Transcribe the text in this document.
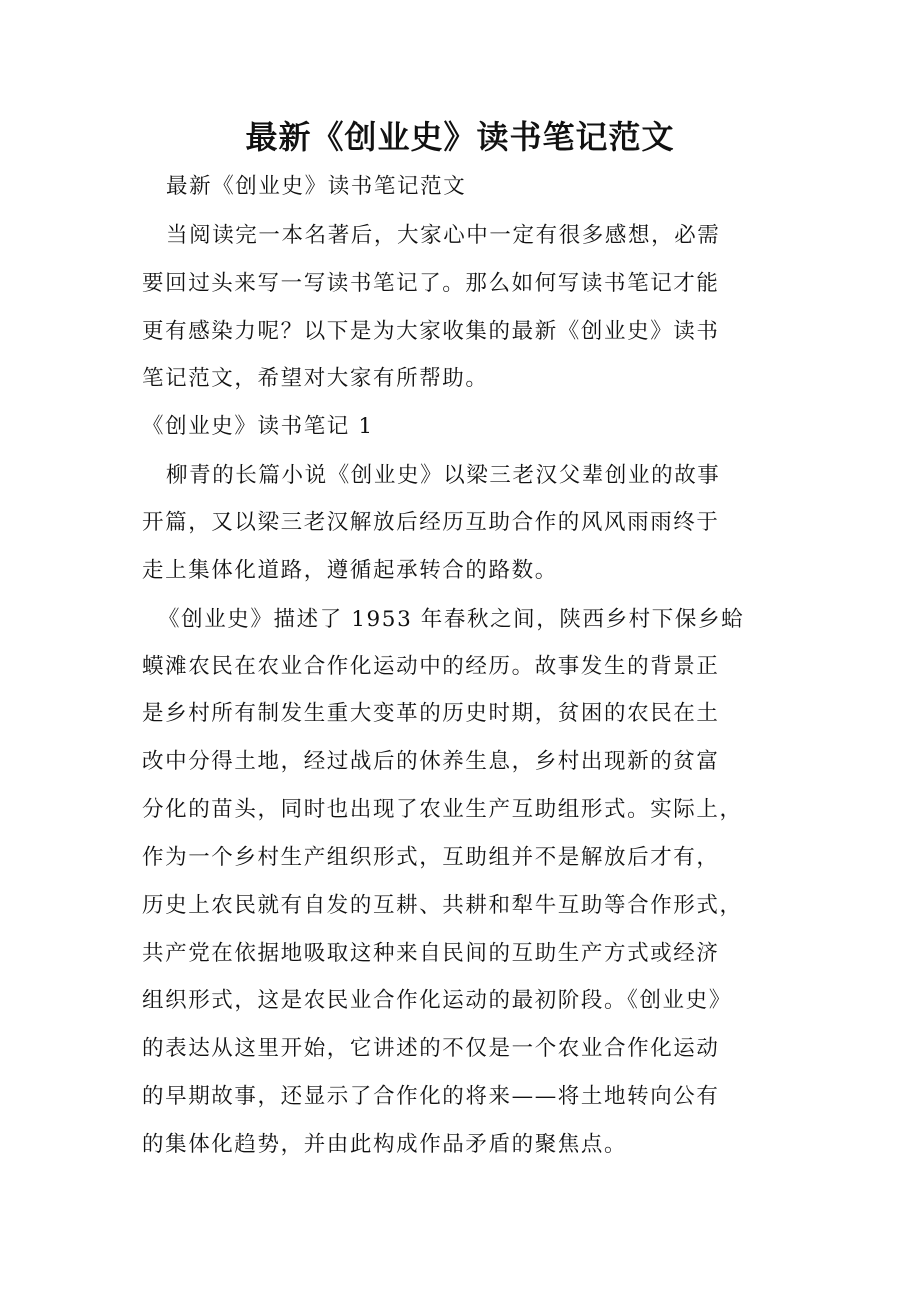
最新《创业史》读书笔记范文
最新《创业史》读书笔记范文
当阅读完一本名著后，大家心中一定有很多感想，必需
要回过头来写一写读书笔记了。那么如何写读书笔记才能
更有感染力呢？以下是为大家收集的最新《创业史》读书
笔记范文，希望对大家有所帮助。
《创业史》读书笔记 1
柳青的长篇小说《创业史》以梁三老汉父辈创业的故事
开篇，又以梁三老汉解放后经历互助合作的风风雨雨终于
走上集体化道路，遵循起承转合的路数。
《创业史》描述了 1953 年春秋之间，陕西乡村下保乡蛤
蟆滩农民在农业合作化运动中的经历。故事发生的背景正
是乡村所有制发生重大变革的历史时期，贫困的农民在土
改中分得土地，经过战后的休养生息，乡村出现新的贫富
分化的苗头，同时也出现了农业生产互助组形式。实际上，
作为一个乡村生产组织形式，互助组并不是解放后才有，
历史上农民就有自发的互耕、共耕和犁牛互助等合作形式，
共产党在依据地吸取这种来自民间的互助生产方式或经济
组织形式，这是农民业合作化运动的最初阶段。《创业史》
的表达从这里开始，它讲述的不仅是一个农业合作化运动
的早期故事，还显示了合作化的将来——将土地转向公有
的集体化趋势，并由此构成作品矛盾的聚焦点。
